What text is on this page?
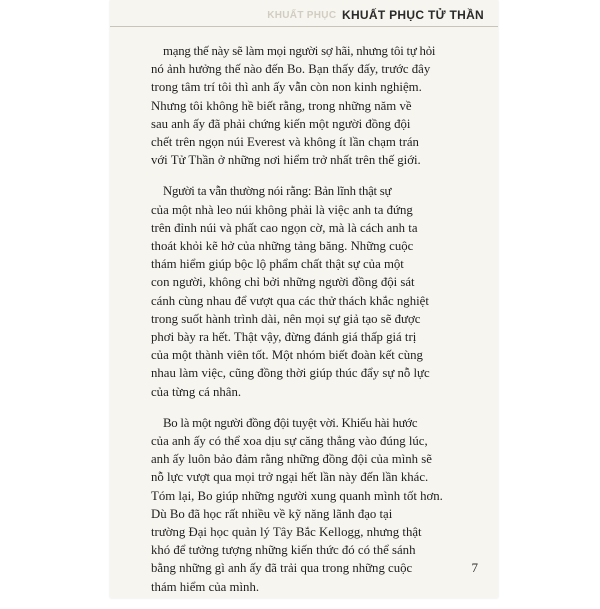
KHUẤT PHỤC KHUẤT PHỤC TỬ THẦN
mạng thế này sẽ làm mọi người sợ hãi, nhưng tôi tự hỏi
nó ảnh hưởng thế nào đến Bo. Bạn thấy đấy, trước đây
trong tâm trí tôi thì anh ấy vẫn còn non kinh nghiệm.
Nhưng tôi không hề biết rằng, trong những năm về
sau anh ấy đã phải chứng kiến một người đồng đội
chết trên ngọn núi Everest và không ít lần chạm trán
với Tử Thần ở những nơi hiểm trở nhất trên thế giới.
Người ta vẫn thường nói rằng: Bản lĩnh thật sự
của một nhà leo núi không phải là việc anh ta đứng
trên đỉnh núi và phất cao ngọn cờ, mà là cách anh ta
thoát khỏi kẽ hở của những tảng băng. Những cuộc
thám hiểm giúp bộc lộ phẩm chất thật sự của một
con người, không chỉ bởi những người đồng đội sát
cánh cùng nhau để vượt qua các thử thách khắc nghiệt
trong suốt hành trình dài, nên mọi sự giả tạo sẽ được
phơi bày ra hết. Thật vậy, đừng đánh giá thấp giá trị
của một thành viên tốt. Một nhóm biết đoàn kết cùng
nhau làm việc, cũng đồng thời giúp thúc đẩy sự nỗ lực
của từng cá nhân.
Bo là một người đồng đội tuyệt vời. Khiếu hài hước
của anh ấy có thể xoa dịu sự căng thẳng vào đúng lúc,
anh ấy luôn bảo đảm rằng những đồng đội của mình sẽ
nỗ lực vượt qua mọi trở ngại hết lần này đến lần khác.
Tóm lại, Bo giúp những người xung quanh mình tốt hơn.
Dù Bo đã học rất nhiều về kỹ năng lãnh đạo tại
trường Đại học quản lý Tây Bắc Kellogg, nhưng thật
khó để tưởng tượng những kiến thức đó có thể sánh
bằng những gì anh ấy đã trải qua trong những cuộc
thám hiểm của mình.
7
